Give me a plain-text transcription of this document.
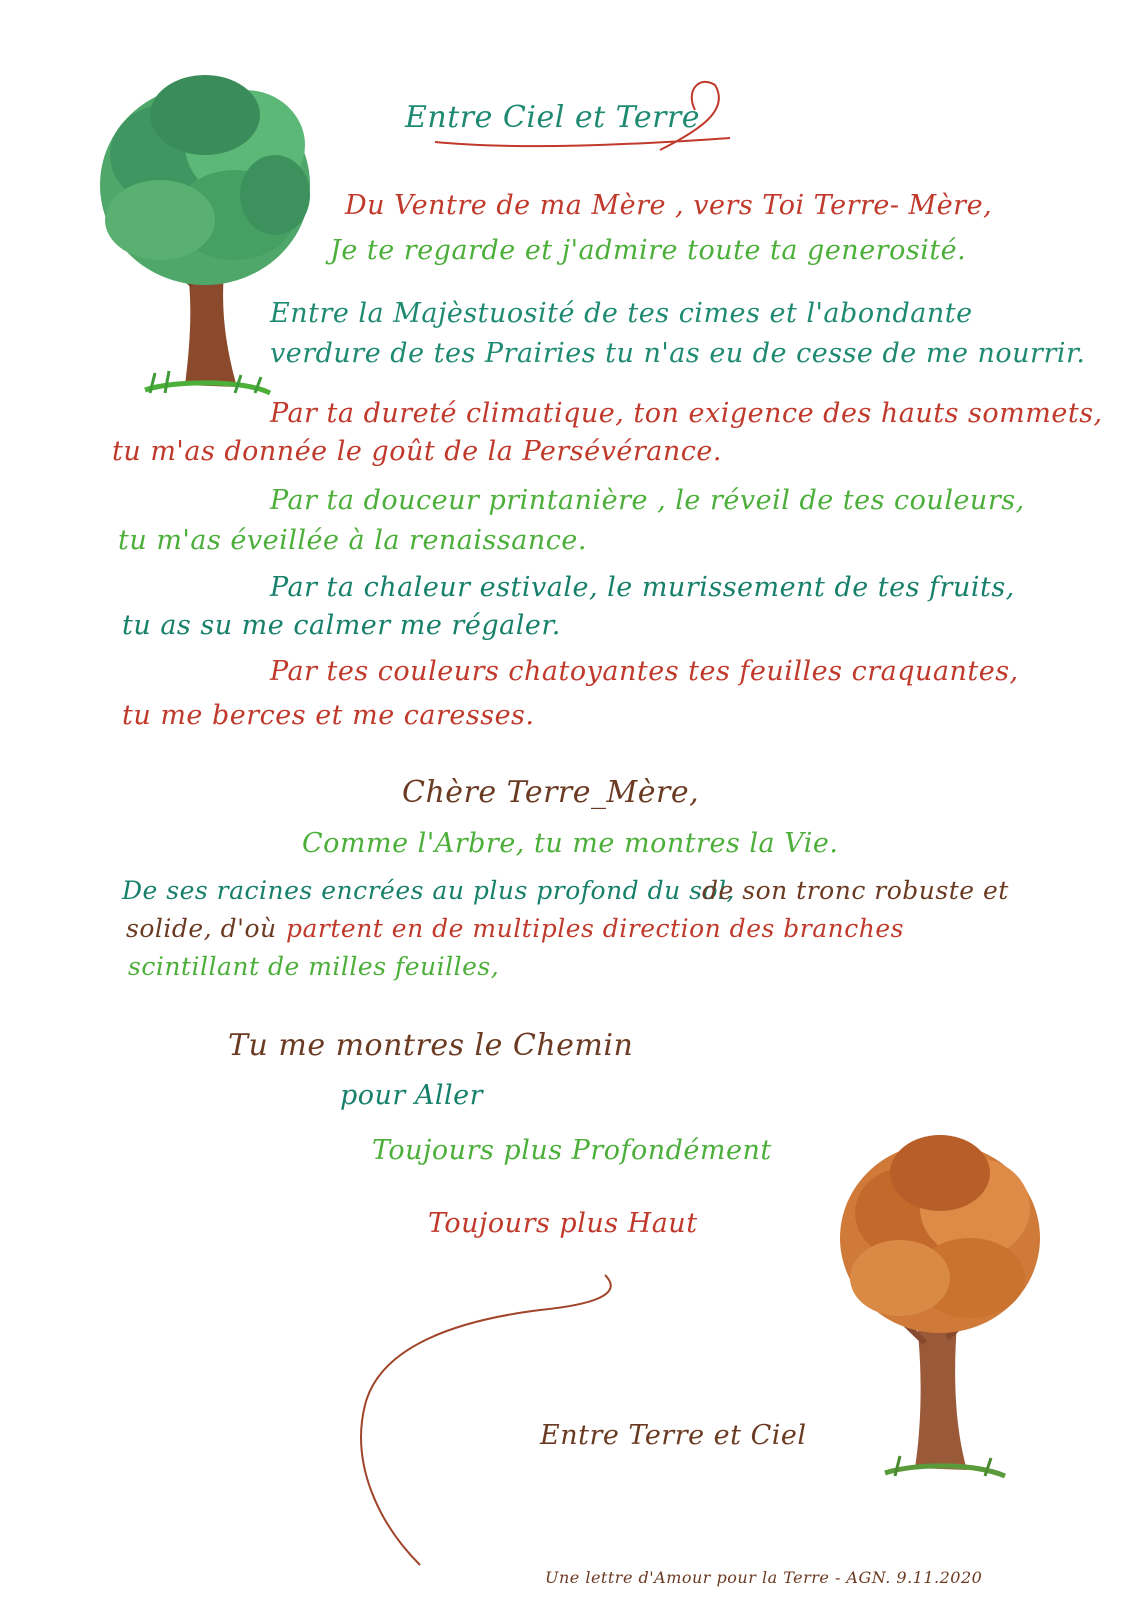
Entre Ciel et Terre
Du Ventre de ma Mère , vers Toi Terre- Mère,
Je te regarde et j'admire toute ta generosité.
Entre la Majèstuosité de tes cimes et l'abondante
verdure de tes Prairies tu n'as eu de cesse de me nourrir.
Par ta dureté climatique, ton exigence des hauts sommets,
tu m'as donnée le goût de la Persévérance.
Par ta douceur printanière , le réveil de tes couleurs,
tu m'as éveillée à la renaissance.
Par ta chaleur estivale, le murissement de tes fruits,
tu as su me calmer me régaler.
Par tes couleurs chatoyantes tes feuilles craquantes,
tu me berces et me caresses.
Chère Terre_Mère,
Comme l'Arbre, tu me montres la Vie.
De ses racines encrées au plus profond du sol,
de son tronc robuste et
solide, d'où partent en de multiples direction des branches
scintillant de milles feuilles,
Tu me montres le Chemin
pour Aller
Toujours plus Profondément
Toujours plus Haut
Entre Terre et Ciel
Une lettre d'Amour pour la Terre - AGN. 9.11.2020
